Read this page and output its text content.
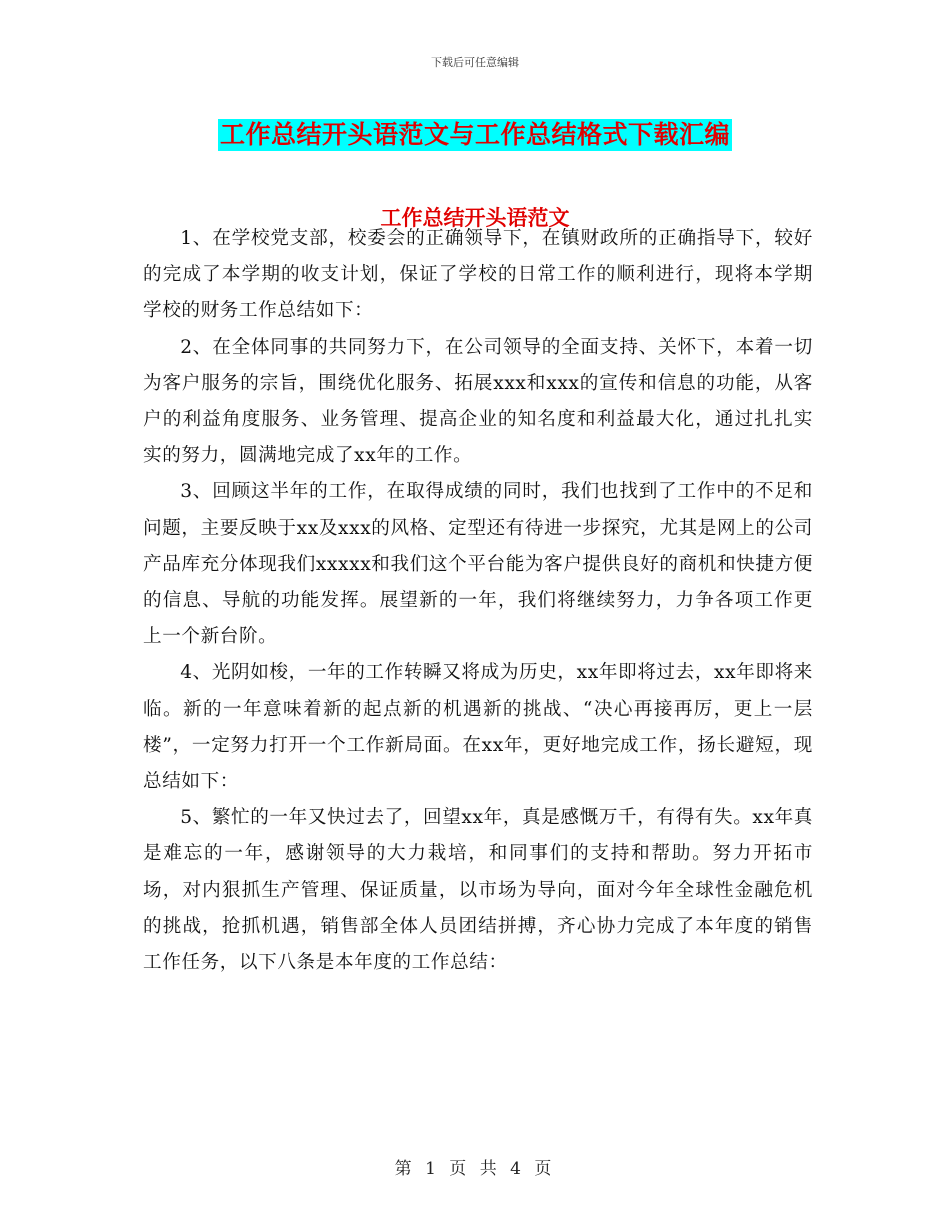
下载后可任意编辑
工作总结开头语范文与工作总结格式下载汇编
工作总结开头语范文

1、在学校党支部，校委会的正确领导下，在镇财政所的正确指导下，较好的完成了本学期的收支计划，保证了学校的日常工作的顺利进行，现将本学期学校的财务工作总结如下：

2、在全体同事的共同努力下，在公司领导的全面支持、关怀下，本着一切为客户服务的宗旨，围绕优化服务、拓展xxx和xxx的宣传和信息的功能，从客户的利益角度服务、业务管理、提高企业的知名度和利益最大化，通过扎扎实实的努力，圆满地完成了xx年的工作。

3、回顾这半年的工作，在取得成绩的同时，我们也找到了工作中的不足和问题，主要反映于xx及xxx的风格、定型还有待进一步探究，尤其是网上的公司产品库充分体现我们xxxxx和我们这个平台能为客户提供良好的商机和快捷方便的信息、导航的功能发挥。展望新的一年，我们将继续努力，力争各项工作更上一个新台阶。

4、光阴如梭，一年的工作转瞬又将成为历史，xx年即将过去，xx年即将来临。新的一年意味着新的起点新的机遇新的挑战、“决心再接再厉，更上一层楼”，一定努力打开一个工作新局面。在xx年，更好地完成工作，扬长避短，现总结如下：

5、繁忙的一年又快过去了，回望xx年，真是感慨万千，有得有失。xx年真是难忘的一年，感谢领导的大力栽培，和同事们的支持和帮助。努力开拓市场，对内狠抓生产管理、保证质量，以市场为导向，面对今年全球性金融危机的挑战，抢抓机遇，销售部全体人员团结拼搏，齐心协力完成了本年度的销售工作任务，以下八条是本年度的工作总结：

第 1 页 共 4 页
